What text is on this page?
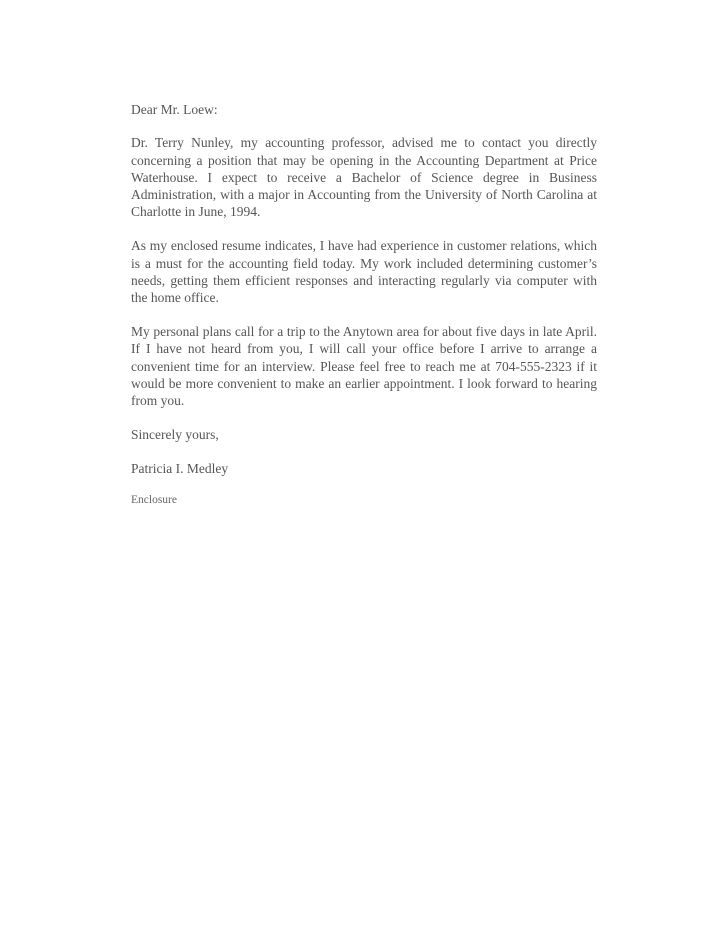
Dear Mr. Loew:

Dr. Terry Nunley, my accounting professor, advised me to contact you directly concerning a position that may be opening in the Accounting Department at Price Waterhouse. I expect to receive a Bachelor of Science degree in Business Administration, with a major in Accounting from the University of North Carolina at Charlotte in June, 1994.

As my enclosed resume indicates, I have had experience in customer relations, which is a must for the accounting field today. My work included determining customer’s needs, getting them efficient responses and interacting regularly via computer with the home office.

My personal plans call for a trip to the Anytown area for about five days in late April. If I have not heard from you, I will call your office before I arrive to arrange a convenient time for an interview. Please feel free to reach me at 704-555-2323 if it would be more convenient to make an earlier appointment. I look forward to hearing from you.

Sincerely yours,

Patricia I. Medley

Enclosure
